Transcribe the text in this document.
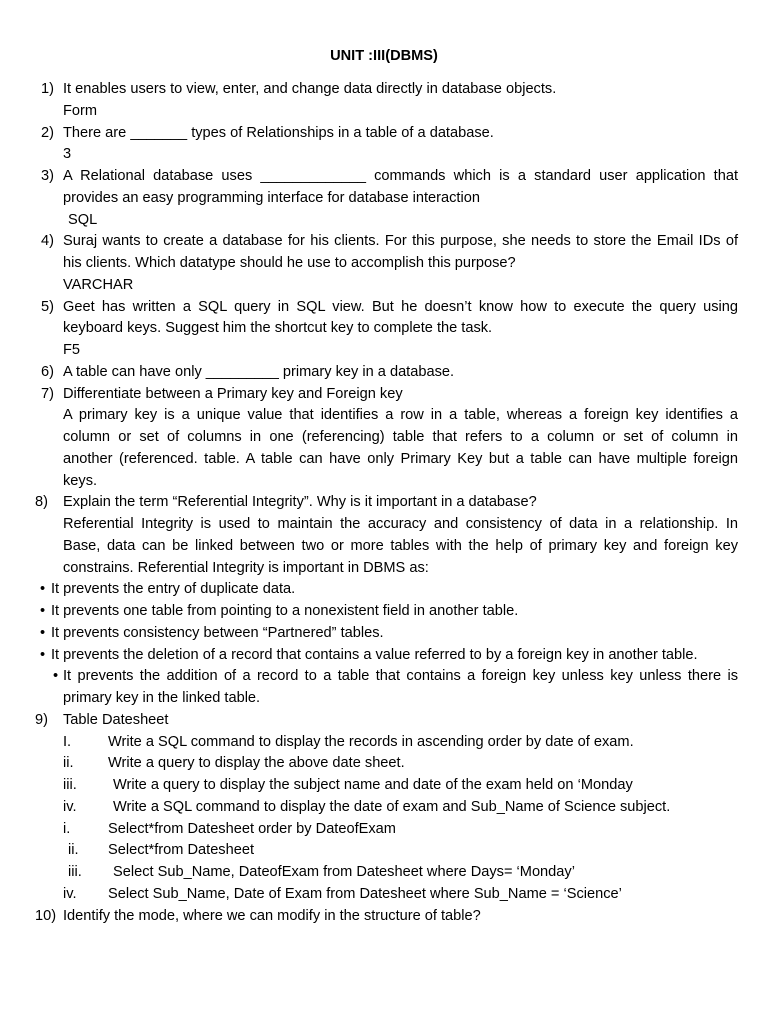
UNIT :III(DBMS)
1) It enables users to view, enter, and change data directly in database objects.
Form
2) There are _______ types of Relationships in a table of a database.
3
3) A Relational database uses _____________ commands which is a standard user application that
provides an easy programming interface for database interaction
SQL
4) Suraj wants to create a database for his clients. For this purpose, she needs to store the Email IDs of
his clients. Which datatype should he use to accomplish this purpose?
VARCHAR
5) Geet has written a SQL query in SQL view. But he doesn’t know how to execute the query using
keyboard keys. Suggest him the shortcut key to complete the task.
F5
6) A table can have only _________ primary key in a database.
7) Differentiate between a Primary key and Foreign key
A primary key is a unique value that identifies a row in a table, whereas a foreign key identifies a
column or set of columns in one (referencing) table that refers to a column or set of column in
another (referenced. table. A table can have only Primary Key but a table can have multiple foreign
keys.
8) Explain the term “Referential Integrity”. Why is it important in a database?
Referential Integrity is used to maintain the accuracy and consistency of data in a relationship. In
Base, data can be linked between two or more tables with the help of primary key and foreign key
constrains. Referential Integrity is important in DBMS as:
• It prevents the entry of duplicate data.
• It prevents one table from pointing to a nonexistent field in another table.
• It prevents consistency between “Partnered” tables.
• It prevents the deletion of a record that contains a value referred to by a foreign key in another table.
• It prevents the addition of a record to a table that contains a foreign key unless key unless there is
primary key in the linked table.
9) Table Datesheet
I.	Write a SQL command to display the records in ascending order by date of exam.
ii. Write a query to display the above date sheet.
iii. Write a query to display the subject name and date of the exam held on ‘Monday
iv. Write a SQL command to display the date of exam and Sub_Name of Science subject.
i.	Select*from Datesheet order by DateofExam
ii. Select*from Datesheet
iii. Select Sub_Name, DateofExam from Datesheet where Days= ‘Monday’
iv. Select Sub_Name, Date of Exam from Datesheet where Sub_Name = ‘Science’
10) Identify the mode, where we can modify in the structure of table?
